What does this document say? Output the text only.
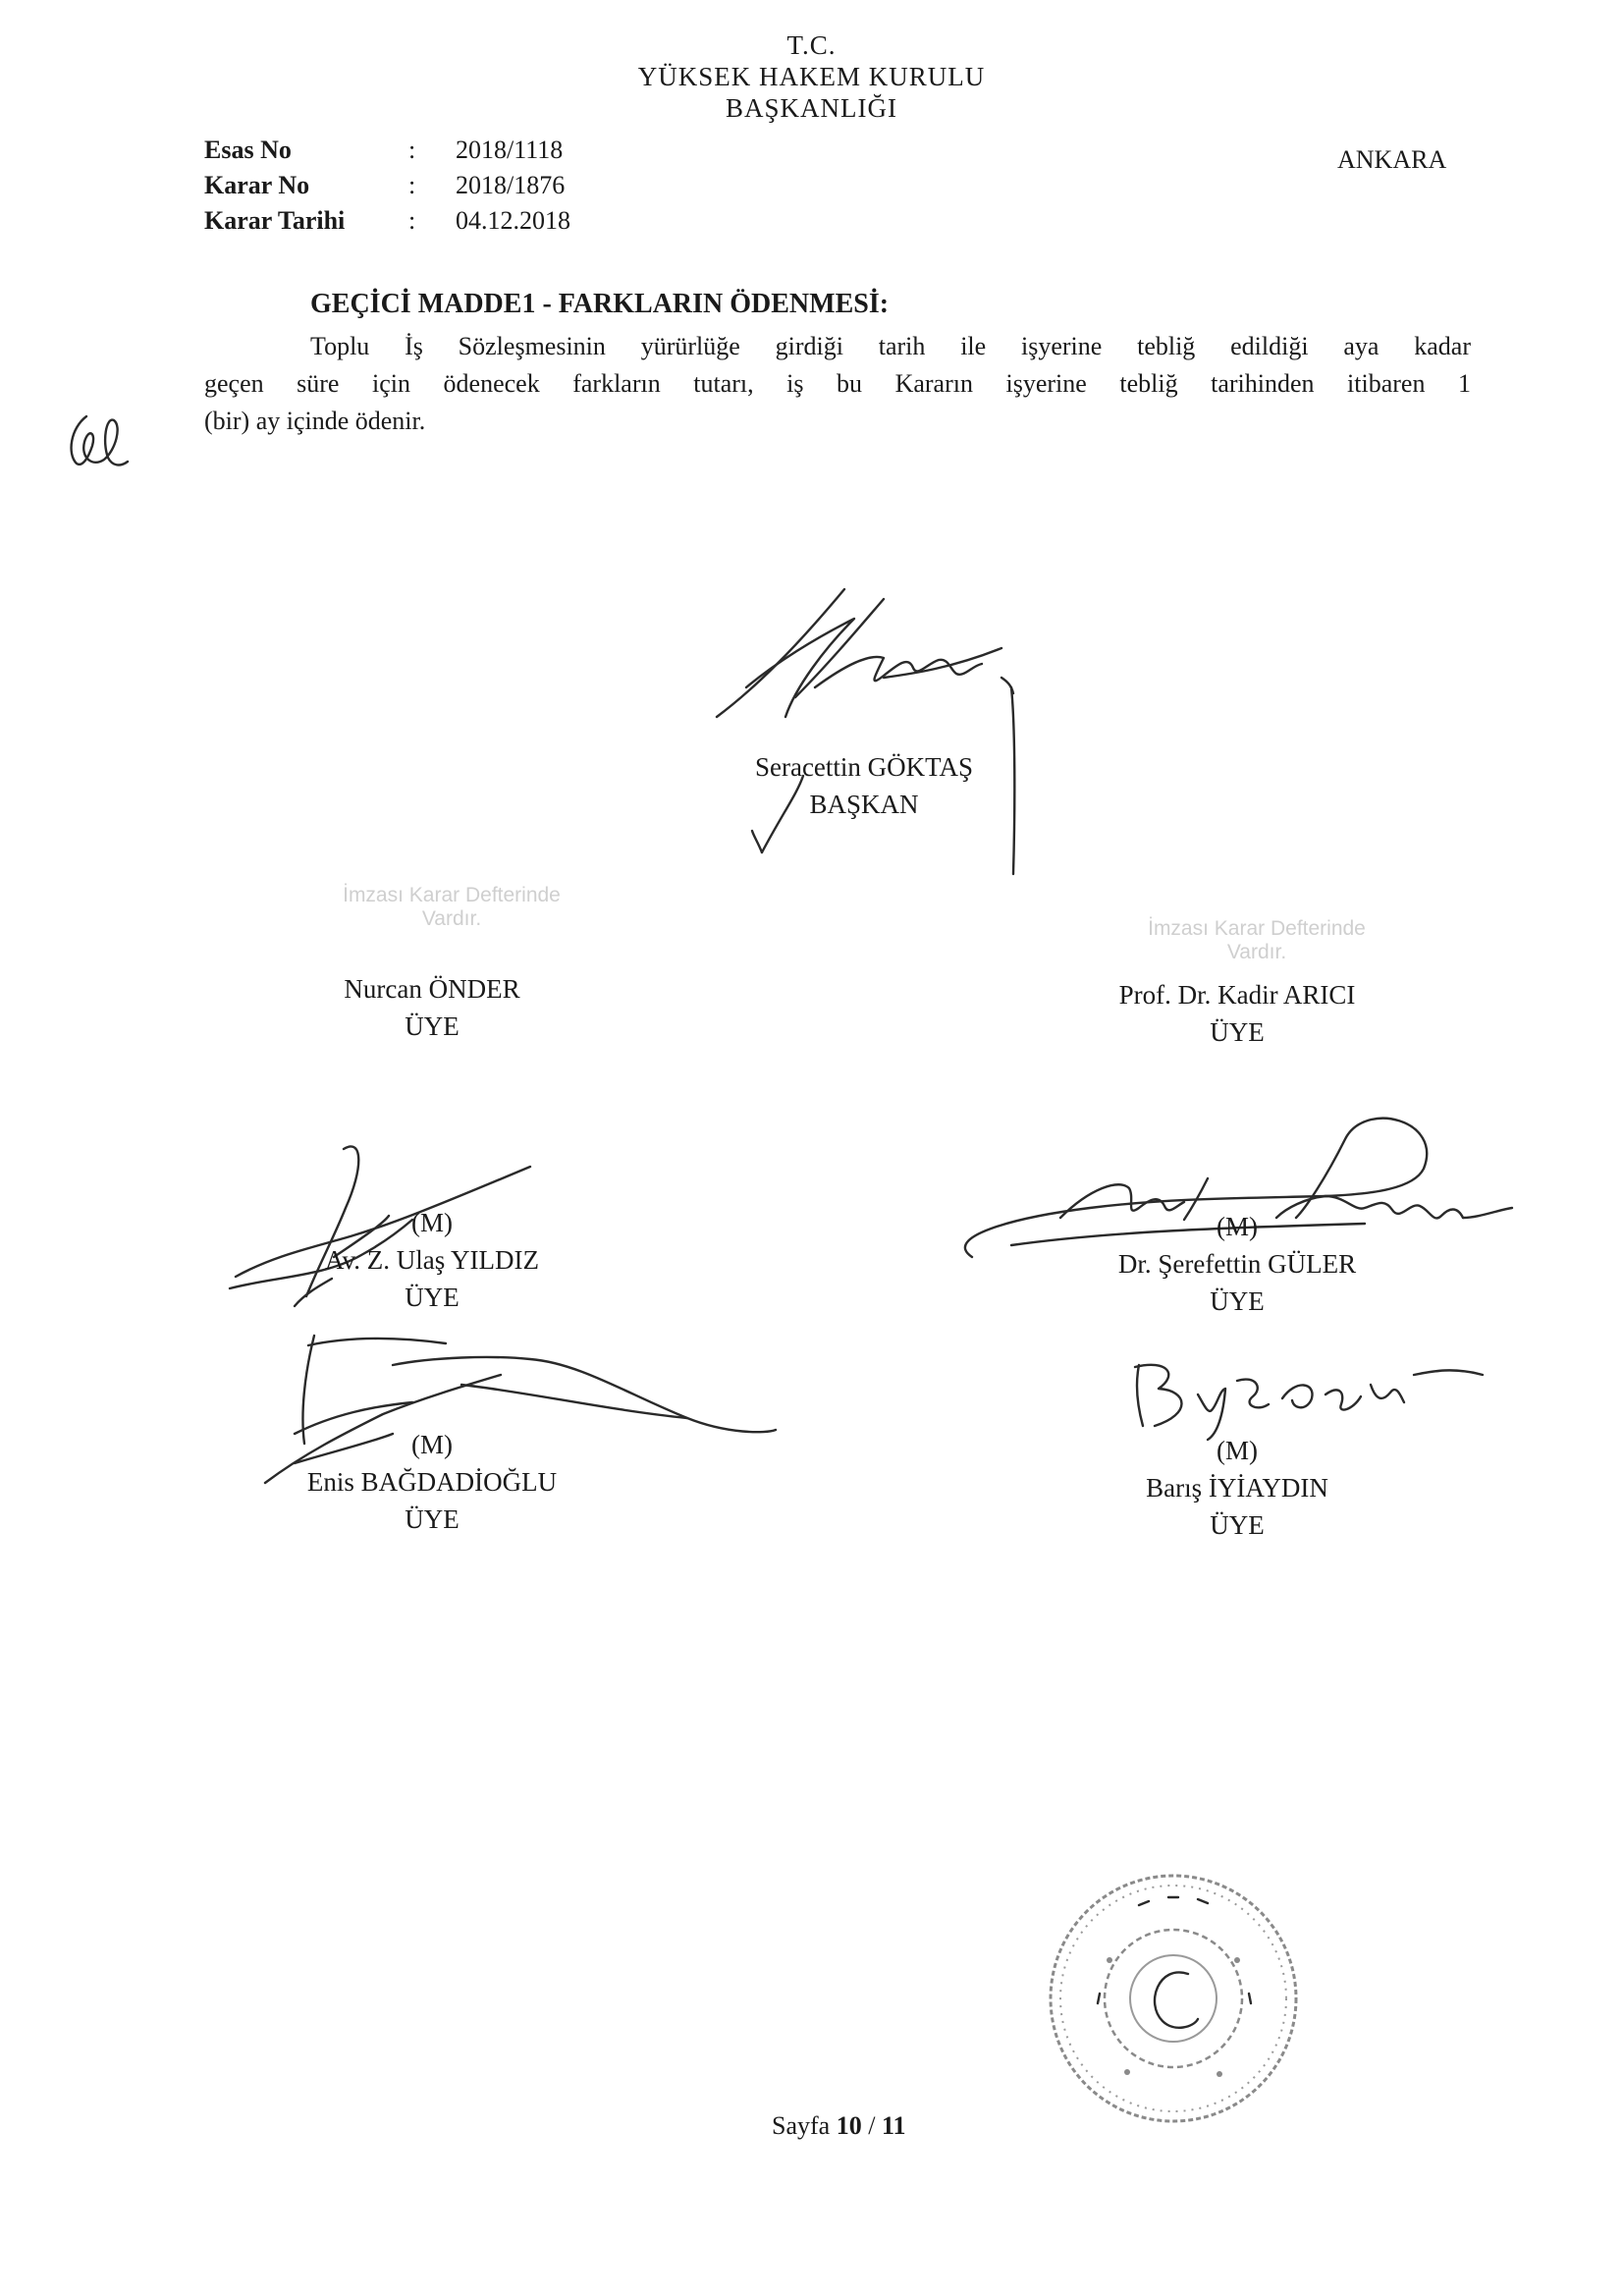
T.C.
YÜKSEK HAKEM KURULU
BAŞKANLIĞI
Esas No	: 2018/1118
Karar No	: 2018/1876
Karar Tarihi : 04.12.2018
ANKARA
GEÇİCİ MADDE1 - FARKLARIN ÖDENMESİ:
Toplu İş Sözleşmesinin yürürlüğe girdiği tarih ile işyerine tebliğ edildiği aya kadar
geçen süre için ödenecek farkların tutarı, iş bu Kararın işyerine tebliğ tarihinden itibaren 1
(bir) ay içinde ödenir.
Seracettin GÖKTAŞ
BAŞKAN
İmzası Karar Defterinde
Vardır.
Nurcan ÖNDER
ÜYE
İmzası Karar Defterinde
Vardır.
Prof. Dr. Kadir ARICI
ÜYE
(M)
Av. Z. Ulaş YILDIZ
ÜYE
(M)
Dr. Şerefettin GÜLER
ÜYE
(M)
Enis BAĞDADİOĞLU
ÜYE
(M)
Barış İYİAYDIN
ÜYE
Sayfa 10 / 11
